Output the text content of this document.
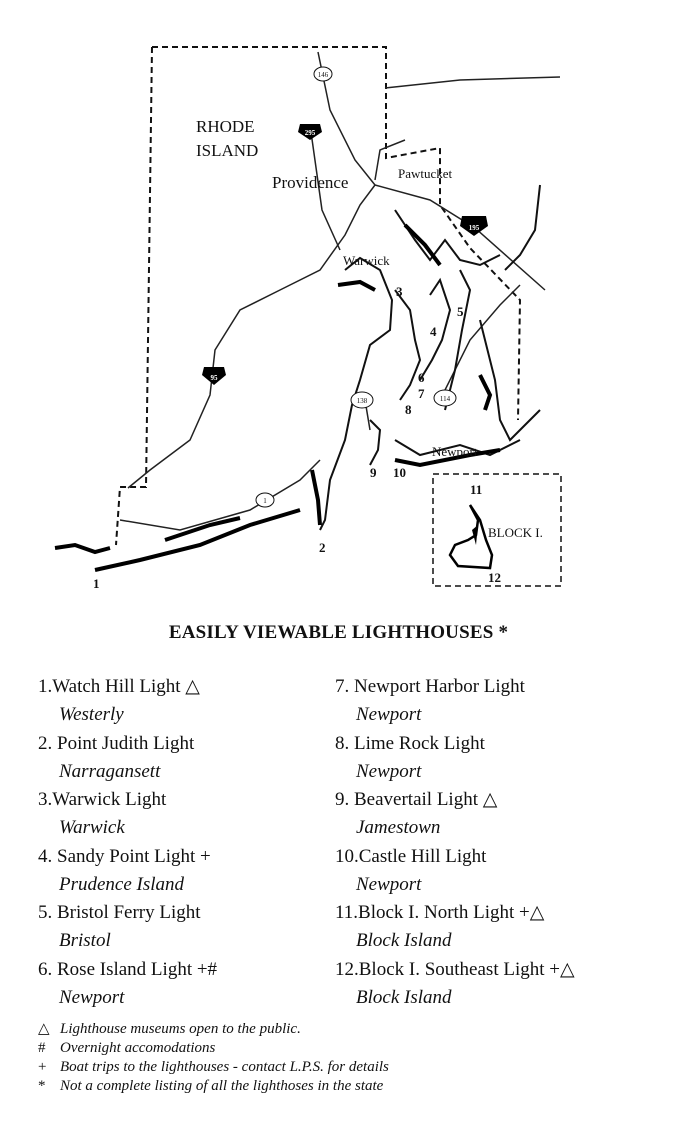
95
195
295
146
138	114
1
RHODE
ISLAND
Providence	Pawtucket
Warwick
Newport
BLOCK I.
1
2
3
4
5
6
7
8
9 10
11
12
EASILY VIEWABLE LIGHTHOUSES *
1.Watch Hill Light △
Westerly
2. Point Judith Light
Narragansett
3.Warwick Light
Warwick
4. Sandy Point Light +
Prudence Island
5. Bristol Ferry Light
Bristol
6. Rose Island Light +#
Newport
7. Newport Harbor Light
Newport
8. Lime Rock Light
Newport
9. Beavertail Light △
Jamestown
10.Castle Hill Light
Newport
11.Block I. North Light +△
Block Island
12.Block I. Southeast Light +△
Block Island
△ Lighthouse museums open to the public.
# Overnight accomodations
+ Boat trips to the lighthouses - contact L.P.S. for details
* Not a complete listing of all the lighthoses in the state
